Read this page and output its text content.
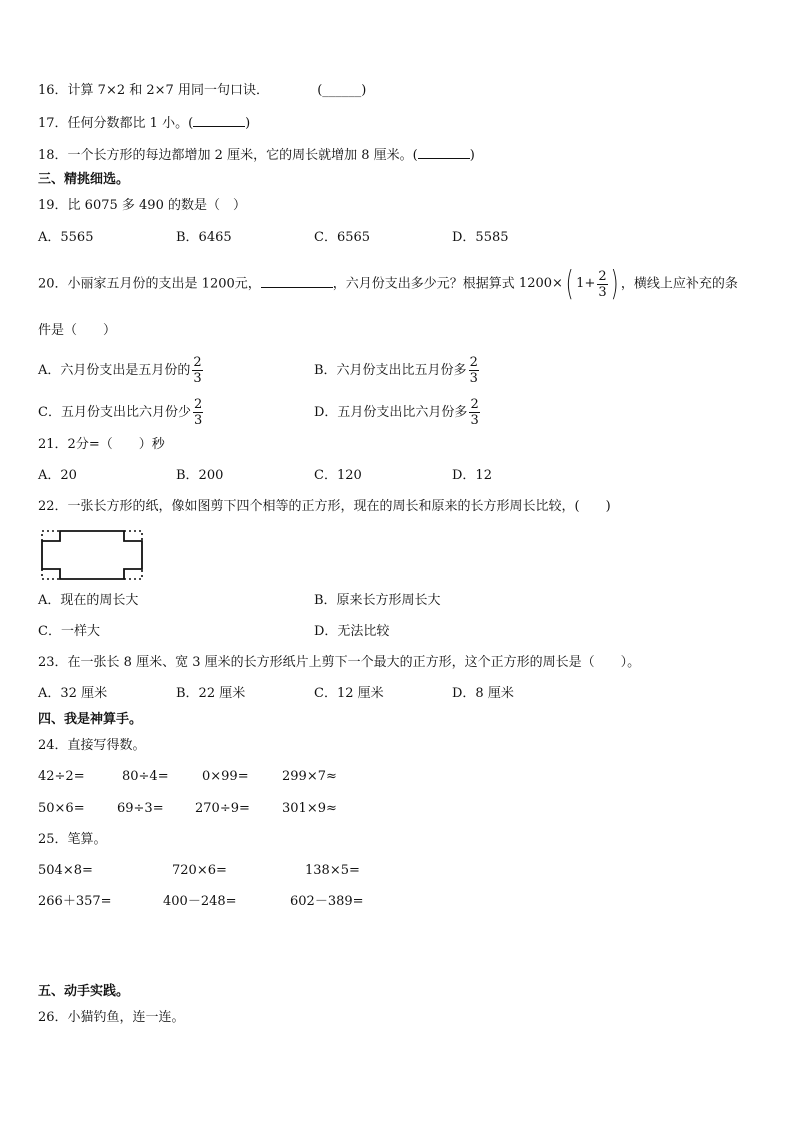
16．计算 7×2 和 2×7 用同一句口诀．	(______)
17．任何分数都比 1 小。(	)
18．一个长方形的每边都增加 2 厘米，它的周长就增加 8 厘米。(	)
三、精挑细选。
19．比 6075 多 490 的数是（　）
A．5565	B．6465	C．6565	D．5585
20．小丽家五月份的支出是 1200元，	，六月份支出多少元？根据算式 1200× ( $1+ \frac{2}{3}$ ) ，横线上应补充的条
件是（　　）
A．六月份支出是五月份的 $\frac{2}{3}$	B．六月份支出比五月份多 $\frac{2}{3}$
C．五月份支出比六月份少 $\frac{2}{3}$	D．五月份支出比六月份多 $\frac{2}{3}$
21．2分=（　　）秒
A．20	B．200	C．120	D．12
22．一张长方形的纸，像如图剪下四个相等的正方形，现在的周长和原来的长方形周长比较，(　　)
A．现在的周长大	B．原来长方形周长大
C．一样大	D．无法比较
23．在一张长 8 厘米、宽 3 厘米的长方形纸片上剪下一个最大的正方形，这个正方形的周长是（　　）。
A．32 厘米	B．22 厘米	C．12 厘米	D．8 厘米
四、我是神算手。
24．直接写得数。
42÷2=	80÷4=	0×99=	299×7≈
50×6= 69÷3= 270÷9= 301×9≈
25．笔算。
504×8=	720×6=	138×5=
266＋357=	400－248=	602－389=
五、动手实践。
26．小猫钓鱼，连一连。
